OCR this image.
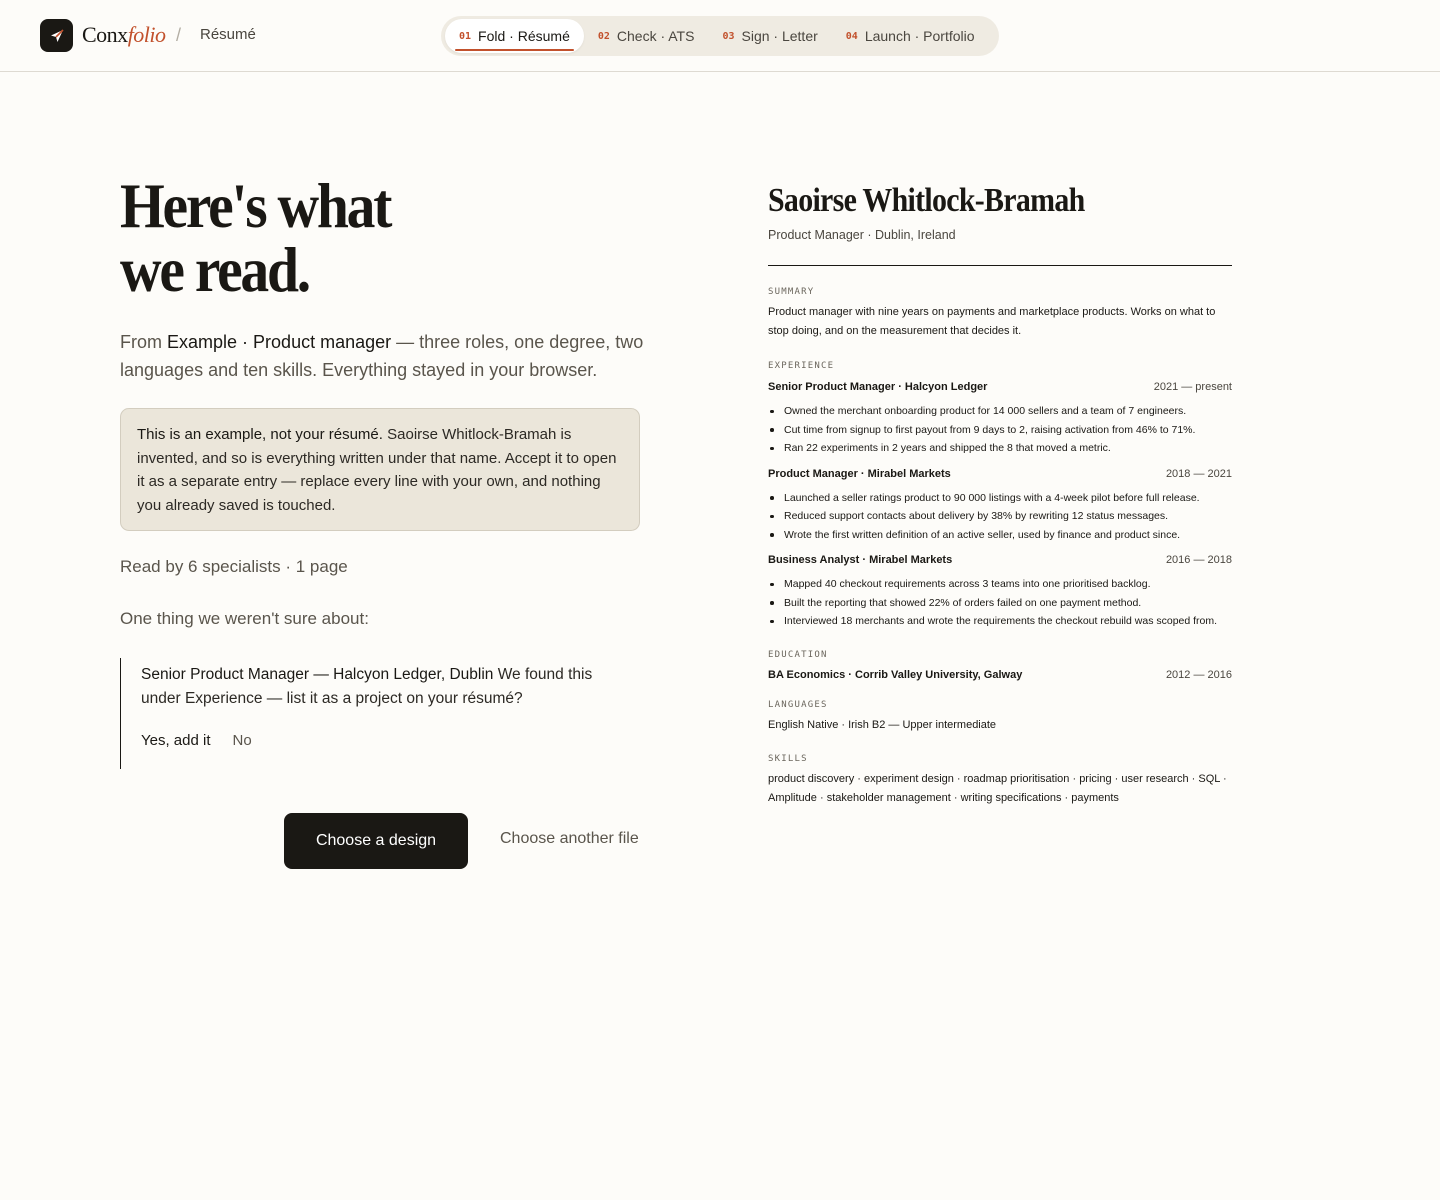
Conxfolio / Résumé	01 Fold · Résumé	02 Check · ATS	03 Sign · Letter	04 Launch · Portfolio
Here's what
we read.

From Example · Product manager — three roles, one degree, two languages and ten skills. Everything stayed in your browser.

This is an example, not your résumé. Saoirse Whitlock-Bramah is invented, and so is everything written under that name. Accept it to open it as a separate entry — replace every line with your own, and nothing you already saved is touched.

Read by 6 specialists · 1 page

One thing we weren't sure about:

Senior Product Manager — Halcyon Ledger, Dublin We found this under Experience — list it as a project on your résumé?

Yes, add it No
Choose a design	Choose another file
Saoirse Whitlock-Bramah

Product Manager · Dublin, Ireland

SUMMARY

Product manager with nine years on payments and marketplace products. Works on what to stop doing, and on the measurement that decides it.

EXPERIENCE
Senior Product Manager · Halcyon Ledger	2021 — present
Owned the merchant onboarding product for 14 000 sellers and a team of 7 engineers.
Cut time from signup to first payout from 9 days to 2, raising activation from 46% to 71%.
Ran 22 experiments in 2 years and shipped the 8 that moved a metric.
Product Manager · Mirabel Markets	2018 — 2021
Launched a seller ratings product to 90 000 listings with a 4-week pilot before full release.
Reduced support contacts about delivery by 38% by rewriting 12 status messages.
Wrote the first written definition of an active seller, used by finance and product since.
Business Analyst · Mirabel Markets	2016 — 2018
Mapped 40 checkout requirements across 3 teams into one prioritised backlog.
Built the reporting that showed 22% of orders failed on one payment method.
Interviewed 18 merchants and wrote the requirements the checkout rebuild was scoped from.
EDUCATION
BA Economics · Corrib Valley University, Galway	2012 — 2016
LANGUAGES

English Native · Irish B2 — Upper intermediate

SKILLS

product discovery · experiment design · roadmap prioritisation · pricing · user research · SQL · Amplitude · stakeholder management · writing specifications · payments
